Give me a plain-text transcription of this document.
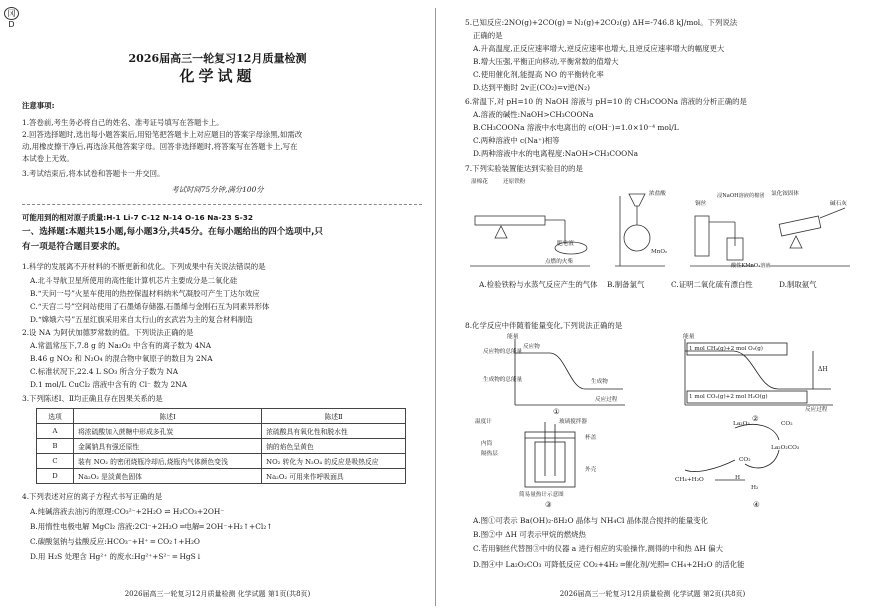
冈D
2026届高三一轮复习12月质量检测
化学试题
注意事项:
1.答卷前,考生务必将自己的姓名、准考证号填写在答题卡上。
2.回答选择题时,选出每小题答案后,用铅笔把答题卡上对应题目的答案字母涂黑,如需改
动,用橡皮擦干净后,再选涂其他答案字母。回答非选择题时,将答案写在答题卡上,写在
本试卷上无效。
3.考试结束后,将本试卷和答题卡一并交回。
考试时间75分钟,满分100分
可能用到的相对原子质量:H-1 Li-7 C-12 N-14 O-16 Na-23 S-32
一、选择题:本题共15小题,每小题3分,共45分。在每小题给出的四个选项中,只
有一项是符合题目要求的。
1.科学的发展离不开材料的不断更新和优化。下列成果中有关说法错误的是
A.北斗导航卫星所使用的高性能计算机芯片主要成分是二氧化硅
B.“天问一号”火星车使用的热控保温材料纳米气凝胶可产生丁达尔效应
C.“天宫二号”空间站使用了石墨烯存储器,石墨烯与金刚石互为同素异形体
D.“嫦娥六号”五星红旗采用来自太行山的玄武岩为主的复合材料制造
2.设 NA 为阿伏加德罗常数的值。下列说法正确的是
A.常温常压下,7.8 g 的 Na₂O₂ 中含有的离子数为 4NA
B.46 g NO₂ 和 N₂O₄ 的混合物中氧原子的数目为 2NA
C.标准状况下,22.4 L SO₃ 所含分子数为 NA
D.1 mol/L CuCl₂ 溶液中含有的 Cl⁻ 数为 2NA
3.下列陈述Ⅰ、Ⅱ均正确且存在因果关系的是
选项	陈述Ⅰ	陈述Ⅱ
A	将浓硫酸加入蔗糖中形成多孔炭	浓硫酸具有氧化性和脱水性
B	金属钠具有强还原性	钠的焰色呈黄色
C	装有 NO₂ 的密闭烧瓶冷却后,烧瓶内气体颜色变浅	NO₂ 转化为 N₂O₄ 的反应是吸热反应
D	Na₂O₂ 是淡黄色固体	Na₂O₂ 可用来作呼吸面具
4.下列表述对应的离子方程式书写正确的是
A.纯碱溶液去油污的原理:CO₃²⁻+2H₂O ⇌ H₂CO₃+2OH⁻
B.用惰性电极电解 MgCl₂ 溶液:2Cl⁻+2H₂O ═电解═ 2OH⁻+H₂↑+Cl₂↑
C.碳酸氢钠与盐酸反应:HCO₃⁻+H⁺ ═ CO₂↑+H₂O
D.用 H₂S 处理含 Hg²⁺ 的废水:Hg²⁺+S²⁻ ═ HgS↓
2026届高三一轮复习12月质量检测 化学试题 第1页(共8页)
5.已知反应:2NO(g)+2CO(g) ═ N₂(g)+2CO₂(g) ΔH=-746.8 kJ/mol。下列说法
正确的是
A.升高温度,正反应速率增大,逆反应速率也增大,且逆反应速率增大的幅度更大
B.增大压强,平衡正向移动,平衡常数的值增大
C.使用催化剂,能提高 NO 的平衡转化率
D.达到平衡时 2v正(CO₂)=v逆(N₂)
6.常温下,对 pH=10 的 NaOH 溶液与 pH=10 的 CH₃COONa 溶液的分析正确的是
A.溶液的碱性:NaOH>CH₃COONa
B.CH₃COONa 溶液中水电离出的 c(OH⁻)=1.0×10⁻⁴ mol/L
C.两种溶液中 c(Na⁺)相等
D.两种溶液中水的电离程度:NaOH>CH₃COONa
7.下列实验装置能达到实验目的的是
湿棉花	还原铁粉
肥皂液
点燃的火柴
浓盐酸
MnO₂
铜丝
浸NaOH溶液的棉团
酸性KMnO₄溶液
氯化铵固体
碱石灰
A.检验铁粉与水蒸气反应产生的气体 B.制备氯气	C.证明二氧化硫有漂白性	D.制取氨气
8.化学反应中伴随着能量变化,下列说法正确的是
能量
反应物的总能量
生成物的总能量
反应物
生成物
反应过程
①
能量
1 mol CH₄(g)+2 mol O₂(g)
1 mol CO₂(g)+2 mol H₂O(g)
ΔH
反应过程
②
温度计	玻璃搅拌器
杯盖
内筒
隔热层
外壳
简易量热计示意图
③
La₂O₃	CO₂
La₂O₂CO₃
CO₂
CH₄+H₂O	H
H₂
④
A.图①可表示 Ba(OH)₂·8H₂O 晶体与 NH₄Cl 晶体混合搅拌的能量变化
B.图②中 ΔH 可表示甲烷的燃烧热
C.若用铜丝代替图③中的仪器 a 进行相应的实验操作,测得的中和热 ΔH 偏大
D.图④中 La₂O₂CO₃ 可降低反应 CO₂+4H₂ ═催化剂/光照═ CH₄+2H₂O 的活化能
2026届高三一轮复习12月质量检测 化学试题 第2页(共8页)
